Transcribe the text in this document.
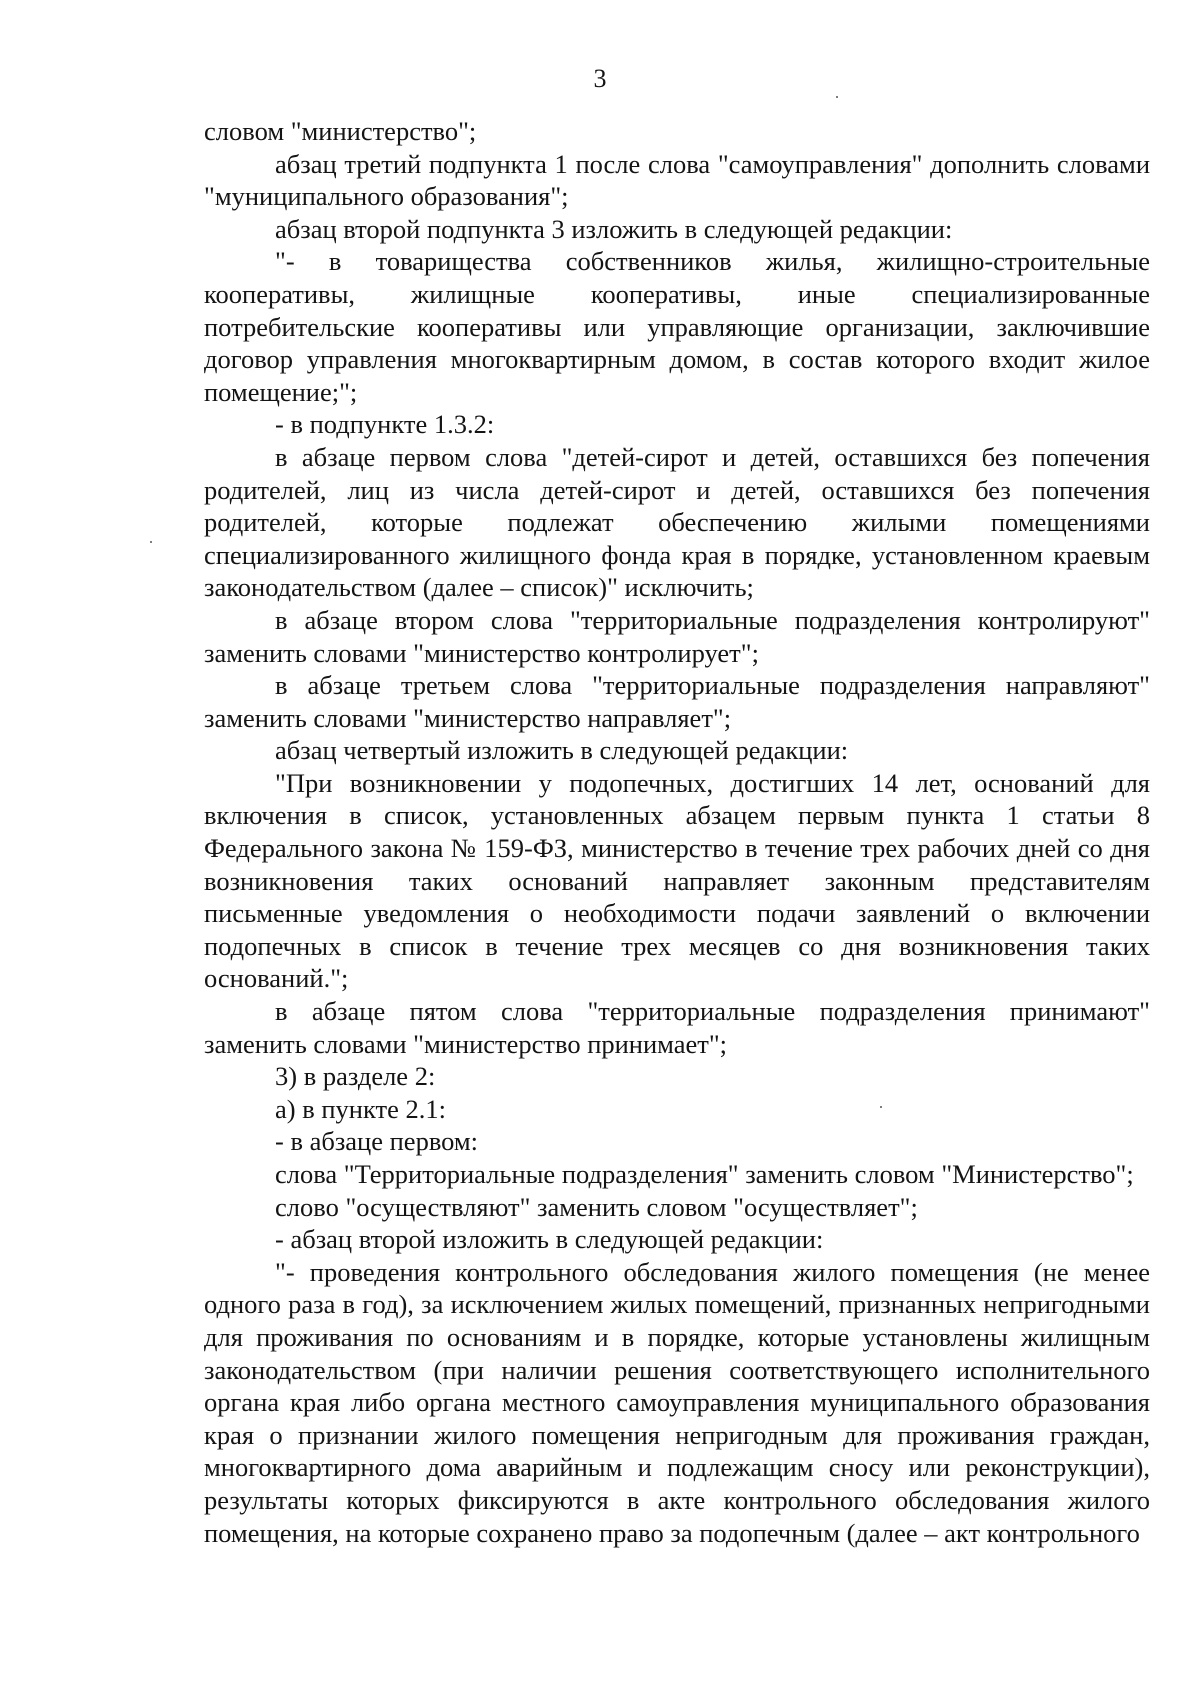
3

словом "министерство";

абзац третий подпункта 1 после слова "самоуправления" дополнить словами "муниципального образования";

абзац второй подпункта 3 изложить в следующей редакции:

"- в товарищества собственников жилья, жилищно-строительные кооперативы, жилищные кооперативы, иные специализированные потребительские кооперативы или управляющие организации, заключившие договор управления многоквартирным домом, в состав которого входит жилое помещение;";

- в подпункте 1.3.2:

в абзаце первом слова "детей-сирот и детей, оставшихся без попечения родителей, лиц из числа детей-сирот и детей, оставшихся без попечения родителей, которые подлежат обеспечению жилыми помещениями специализированного жилищного фонда края в порядке, установленном краевым законодательством (далее – список)" исключить;

в абзаце втором слова "территориальные подразделения контролируют" заменить словами "министерство контролирует";

в абзаце третьем слова "территориальные подразделения направляют" заменить словами "министерство направляет";

абзац четвертый изложить в следующей редакции:

"При возникновении у подопечных, достигших 14 лет, оснований для включения в список, установленных абзацем первым пункта 1 статьи 8 Федерального закона № 159-ФЗ, министерство в течение трех рабочих дней со дня возникновения таких оснований направляет законным представителям письменные уведомления о необходимости подачи заявлений о включении подопечных в список в течение трех месяцев со дня возникновения таких оснований.";

в абзаце пятом слова "территориальные подразделения принимают" заменить словами "министерство принимает";

3) в разделе 2:

а) в пункте 2.1:

- в абзаце первом:

слова "Территориальные подразделения" заменить словом "Министерство";

слово "осуществляют" заменить словом "осуществляет";

- абзац второй изложить в следующей редакции:

"- проведения контрольного обследования жилого помещения (не менее одного раза в год), за исключением жилых помещений, признанных непригодными для проживания по основаниям и в порядке, которые установлены жилищным законодательством (при наличии решения соответствующего исполнительного органа края либо органа местного самоуправления муниципального образования края о признании жилого помещения непригодным для проживания граждан, многоквартирного дома аварийным и подлежащим сносу или реконструкции), результаты которых фиксируются в акте контрольного обследования жилого помещения, на которые сохранено право за подопечным (далее – акт контрольного
